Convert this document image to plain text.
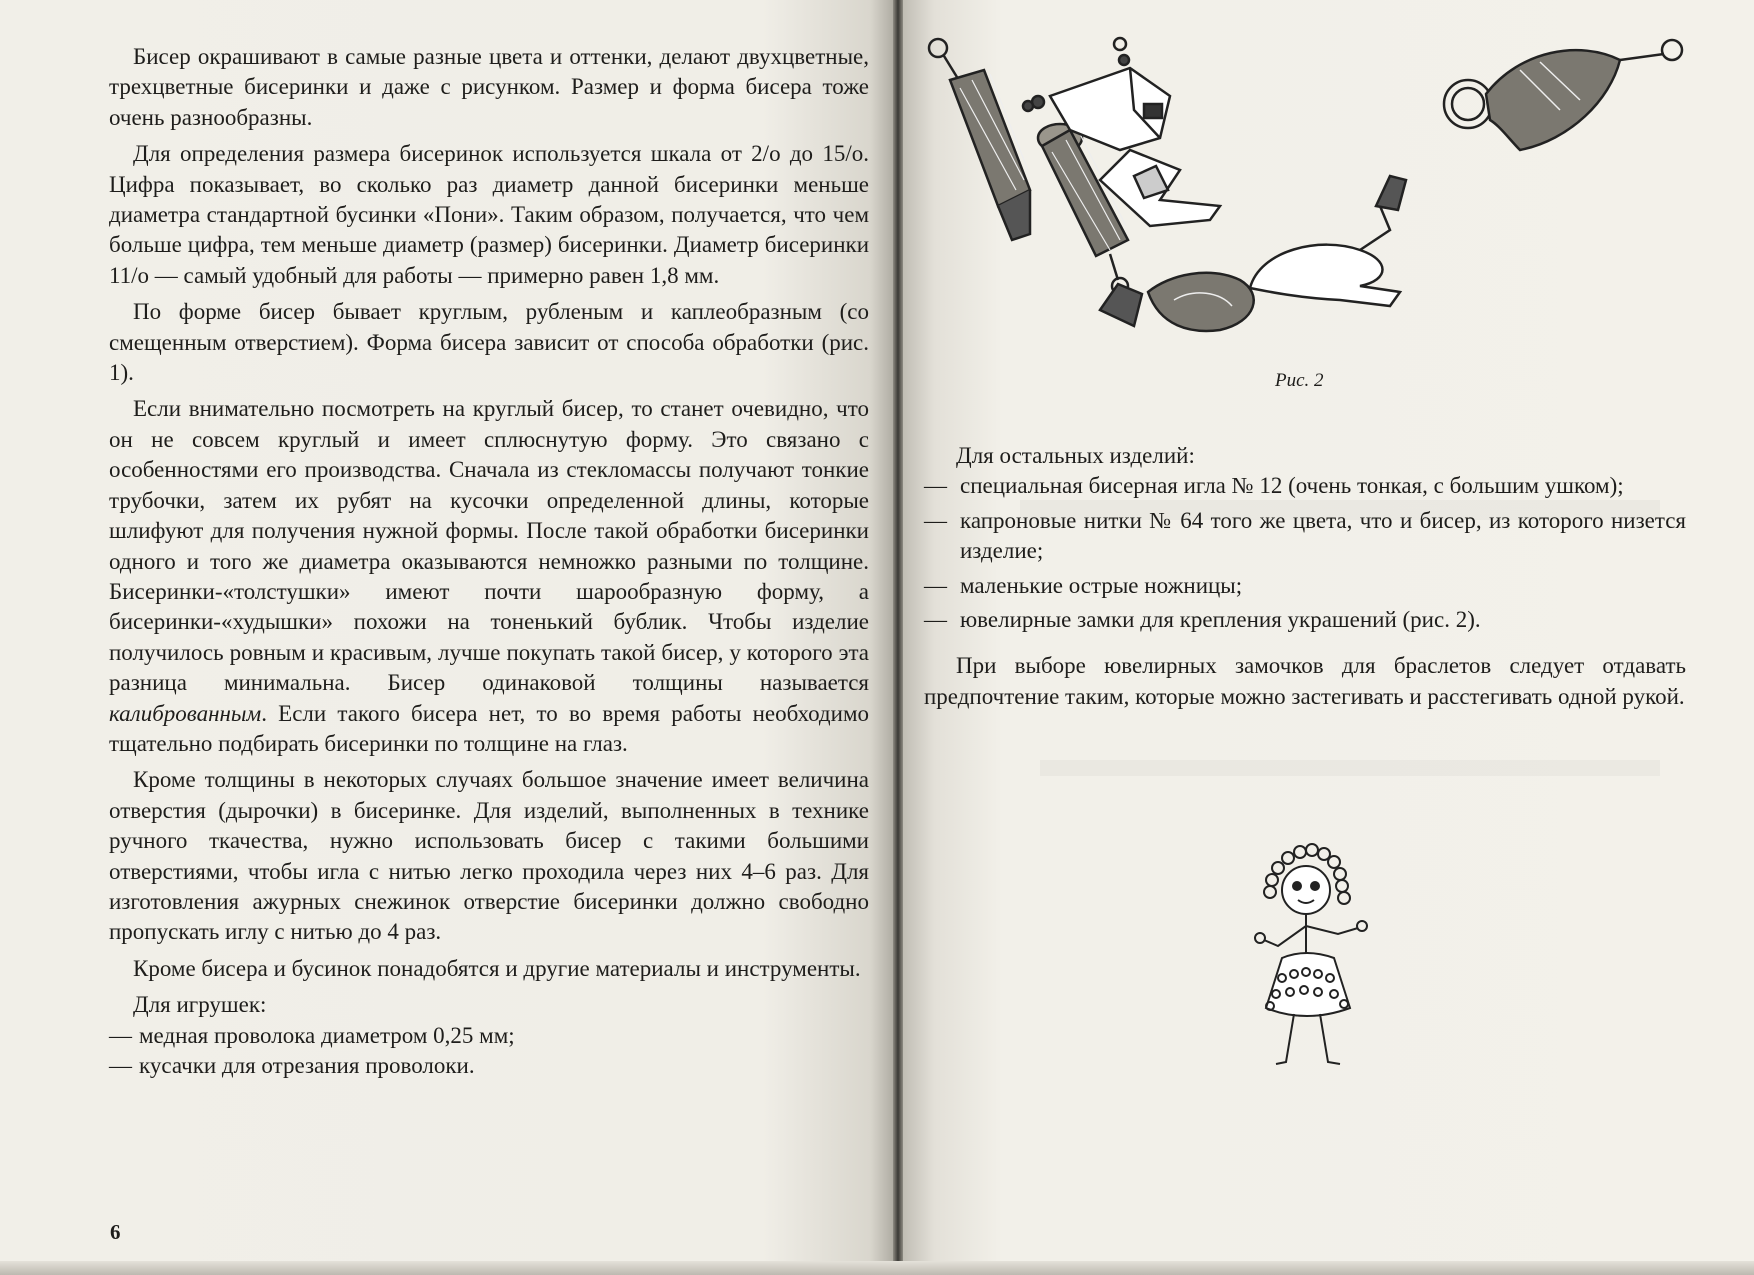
Бисер окрашивают в самые разные цвета и оттенки, делают двухцветные, трехцветные бисеринки и даже с рисунком. Размер и форма бисера тоже очень разнообразны.

Для определения размера бисеринок используется шкала от 2/о до 15/о. Цифра показывает, во сколько раз диаметр данной бисеринки меньше диаметра стандартной бусинки «Пони». Таким образом, получается, что чем больше цифра, тем меньше диаметр (размер) бисеринки. Диаметр бисеринки 11/о — самый удобный для работы — примерно равен 1,8 мм.

По форме бисер бывает круглым, рубленым и каплеобразным (со смещенным отверстием). Форма бисера зависит от способа обработки (рис. 1).

Если внимательно посмотреть на круглый бисер, то станет очевидно, что он не совсем круглый и имеет сплюснутую форму. Это связано с особенностями его производства. Сначала из стекломассы получают тонкие трубочки, затем их рубят на кусочки определенной длины, которые шлифуют для получения нужной формы. После такой обработки бисеринки одного и того же диаметра оказываются немножко разными по толщине. Бисеринки-«толстушки» имеют почти шарообразную форму, а бисеринки-«худышки» похожи на тоненький бублик. Чтобы изделие получилось ровным и красивым, лучше покупать такой бисер, у которого эта разница минимальна. Бисер одинаковой толщины называется калиброванным. Если такого бисера нет, то во время работы необходимо тщательно подбирать бисеринки по толщине на глаз.

Кроме толщины в некоторых случаях большое значение имеет величина отверстия (дырочки) в бисеринке. Для изделий, выполненных в технике ручного ткачества, нужно использовать бисер с такими большими отверстиями, чтобы игла с нитью легко проходила через них 4–6 раз. Для изготовления ажурных снежинок отверстие бисеринки должно свободно пропускать иглу с нитью до 4 раз.

Кроме бисера и бусинок понадобятся и другие материалы и инструменты.

Для игрушек:

— медная проволока диаметром 0,25 мм;
— кусачки для отрезания проволоки.
6
Рис. 2

Для остальных изделий:

— специальная бисерная игла № 12 (очень тонкая, с большим ушком);
— капроновые нитки № 64 того же цвета, что и бисер, из которого низется изделие;
— маленькие острые ножницы;
— ювелирные замки для крепления украшений (рис. 2).

При выборе ювелирных замочков для браслетов следует отдавать предпочтение таким, которые можно застегивать и расстегивать одной рукой.
